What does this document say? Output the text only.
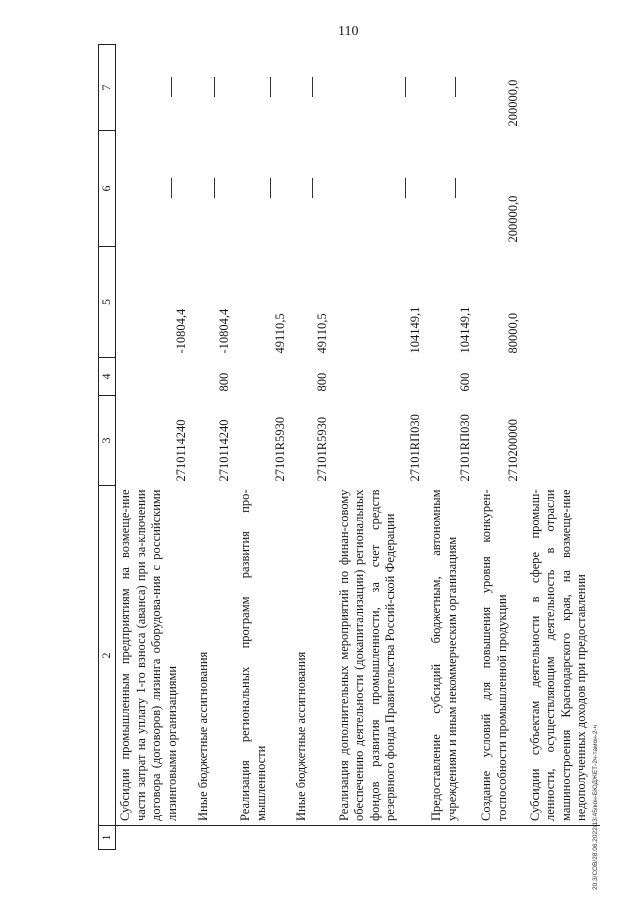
110
20.3/СОВ/28.06.2022/13:45/кон-БЮДЖЕТ-2ч-тамон-2-ч
1	2	3	4	5	6	7
	Субсидии промышленным предприятиям на возмеще-ние части затрат на уплату 1-го взноса (аванса) при за-ключении договора (договоров) лизинга оборудова-ния с российскими лизинговыми организациями	2710114240		-10804,4		
	Иные бюджетные ассигнования	2710114240	800	-10804,4		
	Реализация региональных программ развития про-мышленности	27101R5930		49110,5		
	Иные бюджетные ассигнования	27101R5930	800	49110,5		
	Реализация дополнительных мероприятий по финан-совому обеспечению деятельности (докапитализации) региональных фондов развития промышленности, за счет средств резервного фонда Правительства Россий-ской Федерации	27101RП030		104149,1		
	Предоставление субсидий бюджетным, автономным учреждениям и иным некоммерческим организациям	27101RП030	600	104149,1		
	Создание условий для повышения уровня конкурен-тоспособности промышленной продукции	2710200000		80000,0	200000,0	200000,0
	Субсидии субъектам деятельности в сфере промыш-ленности, осуществляющим деятельность в отрасли машиностроения Краснодарского края, на возмеще-ние недополученных доходов при предоставлении					
